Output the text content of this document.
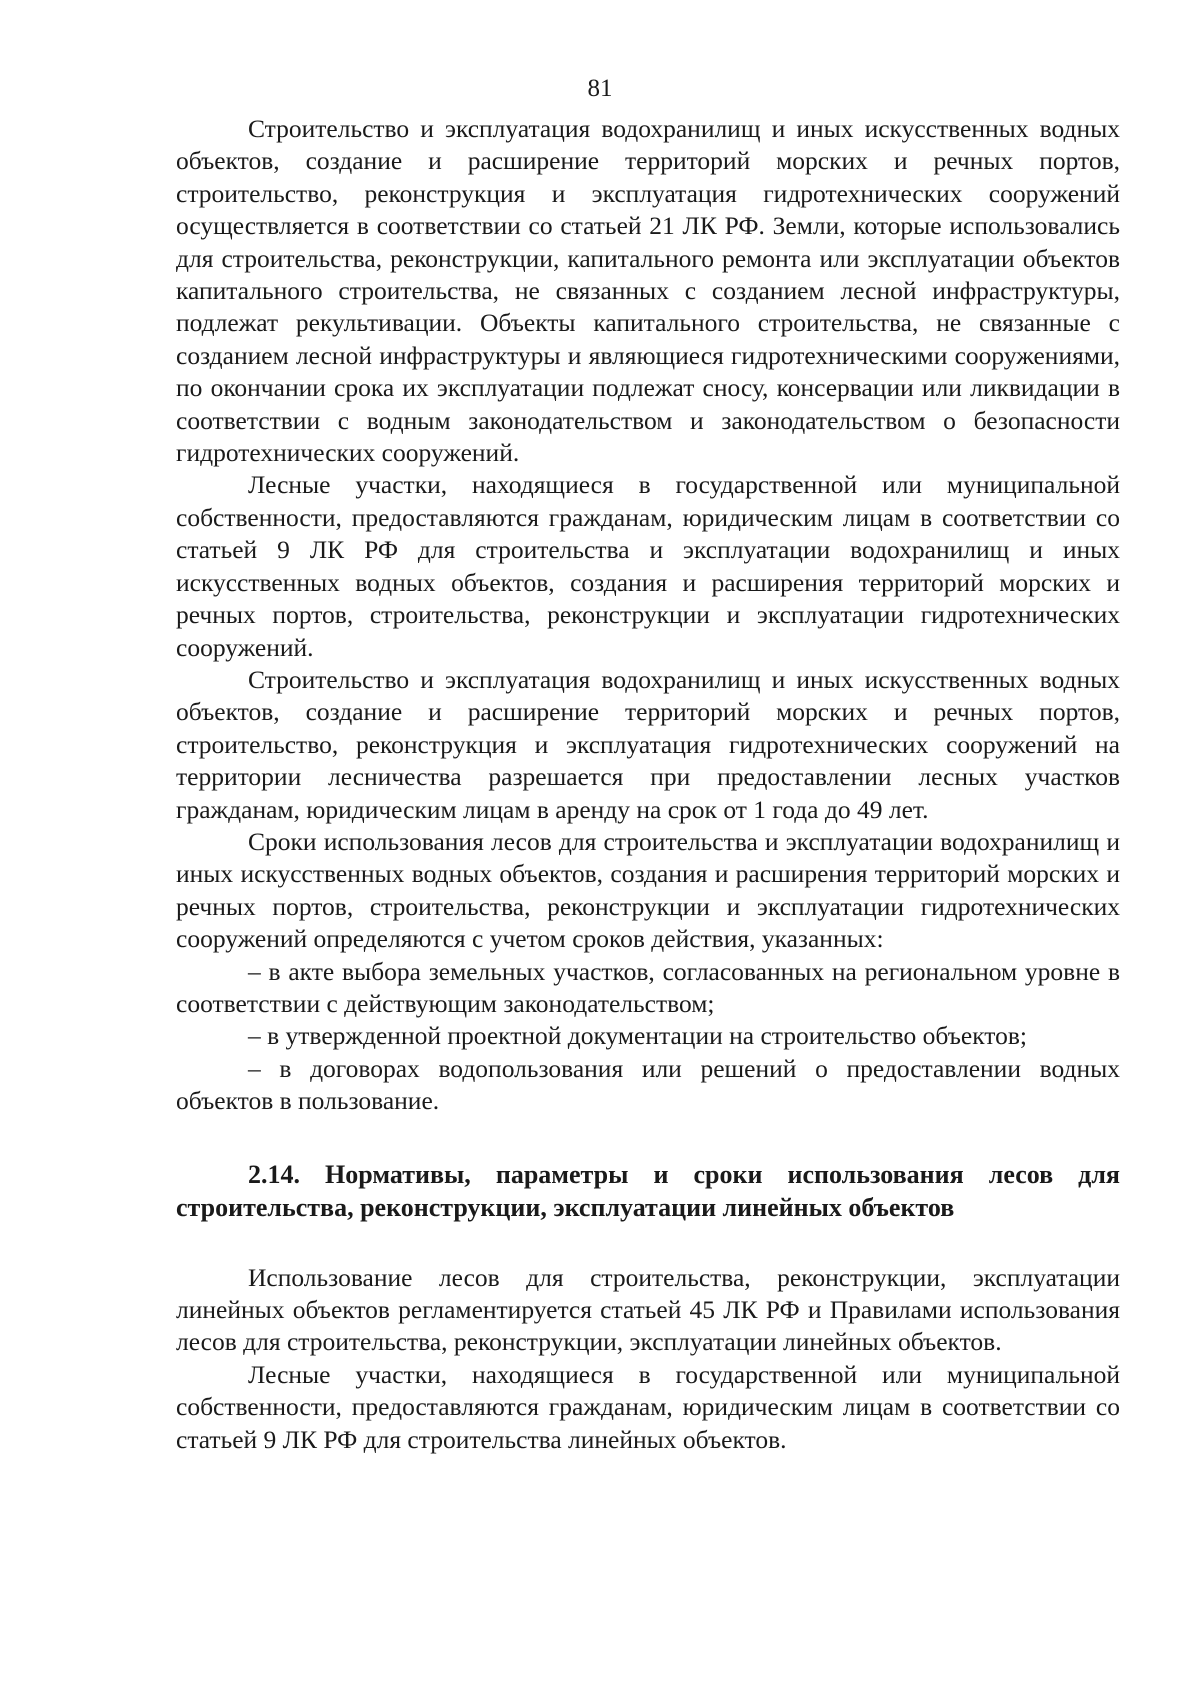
81

Строительство и эксплуатация водохранилищ и иных искусственных водных объектов, создание и расширение территорий морских и речных портов, строительство, реконструкция и эксплуатация гидротехнических сооружений осуществляется в соответствии со статьей 21 ЛК РФ. Земли, которые использовались для строительства, реконструкции, капитального ремонта или эксплуатации объектов капитального строительства, не связанных с созданием лесной инфраструктуры, подлежат рекультивации. Объекты капитального строительства, не связанные с созданием лесной инфраструктуры и являющиеся гидротехническими сооружениями, по окончании срока их эксплуатации подлежат сносу, консервации или ликвидации в соответствии с водным законодательством и законодательством о безопасности гидротехнических сооружений.

Лесные участки, находящиеся в государственной или муниципальной собственности, предоставляются гражданам, юридическим лицам в соответствии со статьей 9 ЛК РФ для строительства и эксплуатации водохранилищ и иных искусственных водных объектов, создания и расширения территорий морских и речных портов, строительства, реконструкции и эксплуатации гидротехнических сооружений.

Строительство и эксплуатация водохранилищ и иных искусственных водных объектов, создание и расширение территорий морских и речных портов, строительство, реконструкция и эксплуатация гидротехнических сооружений на территории лесничества разрешается при предоставлении лесных участков гражданам, юридическим лицам в аренду на срок от 1 года до 49 лет.

Сроки использования лесов для строительства и эксплуатации водохранилищ и иных искусственных водных объектов, создания и расширения территорий морских и речных портов, строительства, реконструкции и эксплуатации гидротехнических сооружений определяются с учетом сроков действия, указанных:

– в акте выбора земельных участков, согласованных на региональном уровне в соответствии с действующим законодательством;

– в утвержденной проектной документации на строительство объектов;

– в договорах водопользования или решений о предоставлении водных объектов в пользование.

2.14. Нормативы, параметры и сроки использования лесов для строительства, реконструкции, эксплуатации линейных объектов

Использование лесов для строительства, реконструкции, эксплуатации линейных объектов регламентируется статьей 45 ЛК РФ и Правилами использования лесов для строительства, реконструкции, эксплуатации линейных объектов.

Лесные участки, находящиеся в государственной или муниципальной собственности, предоставляются гражданам, юридическим лицам в соответствии со статьей 9 ЛК РФ для строительства линейных объектов.
